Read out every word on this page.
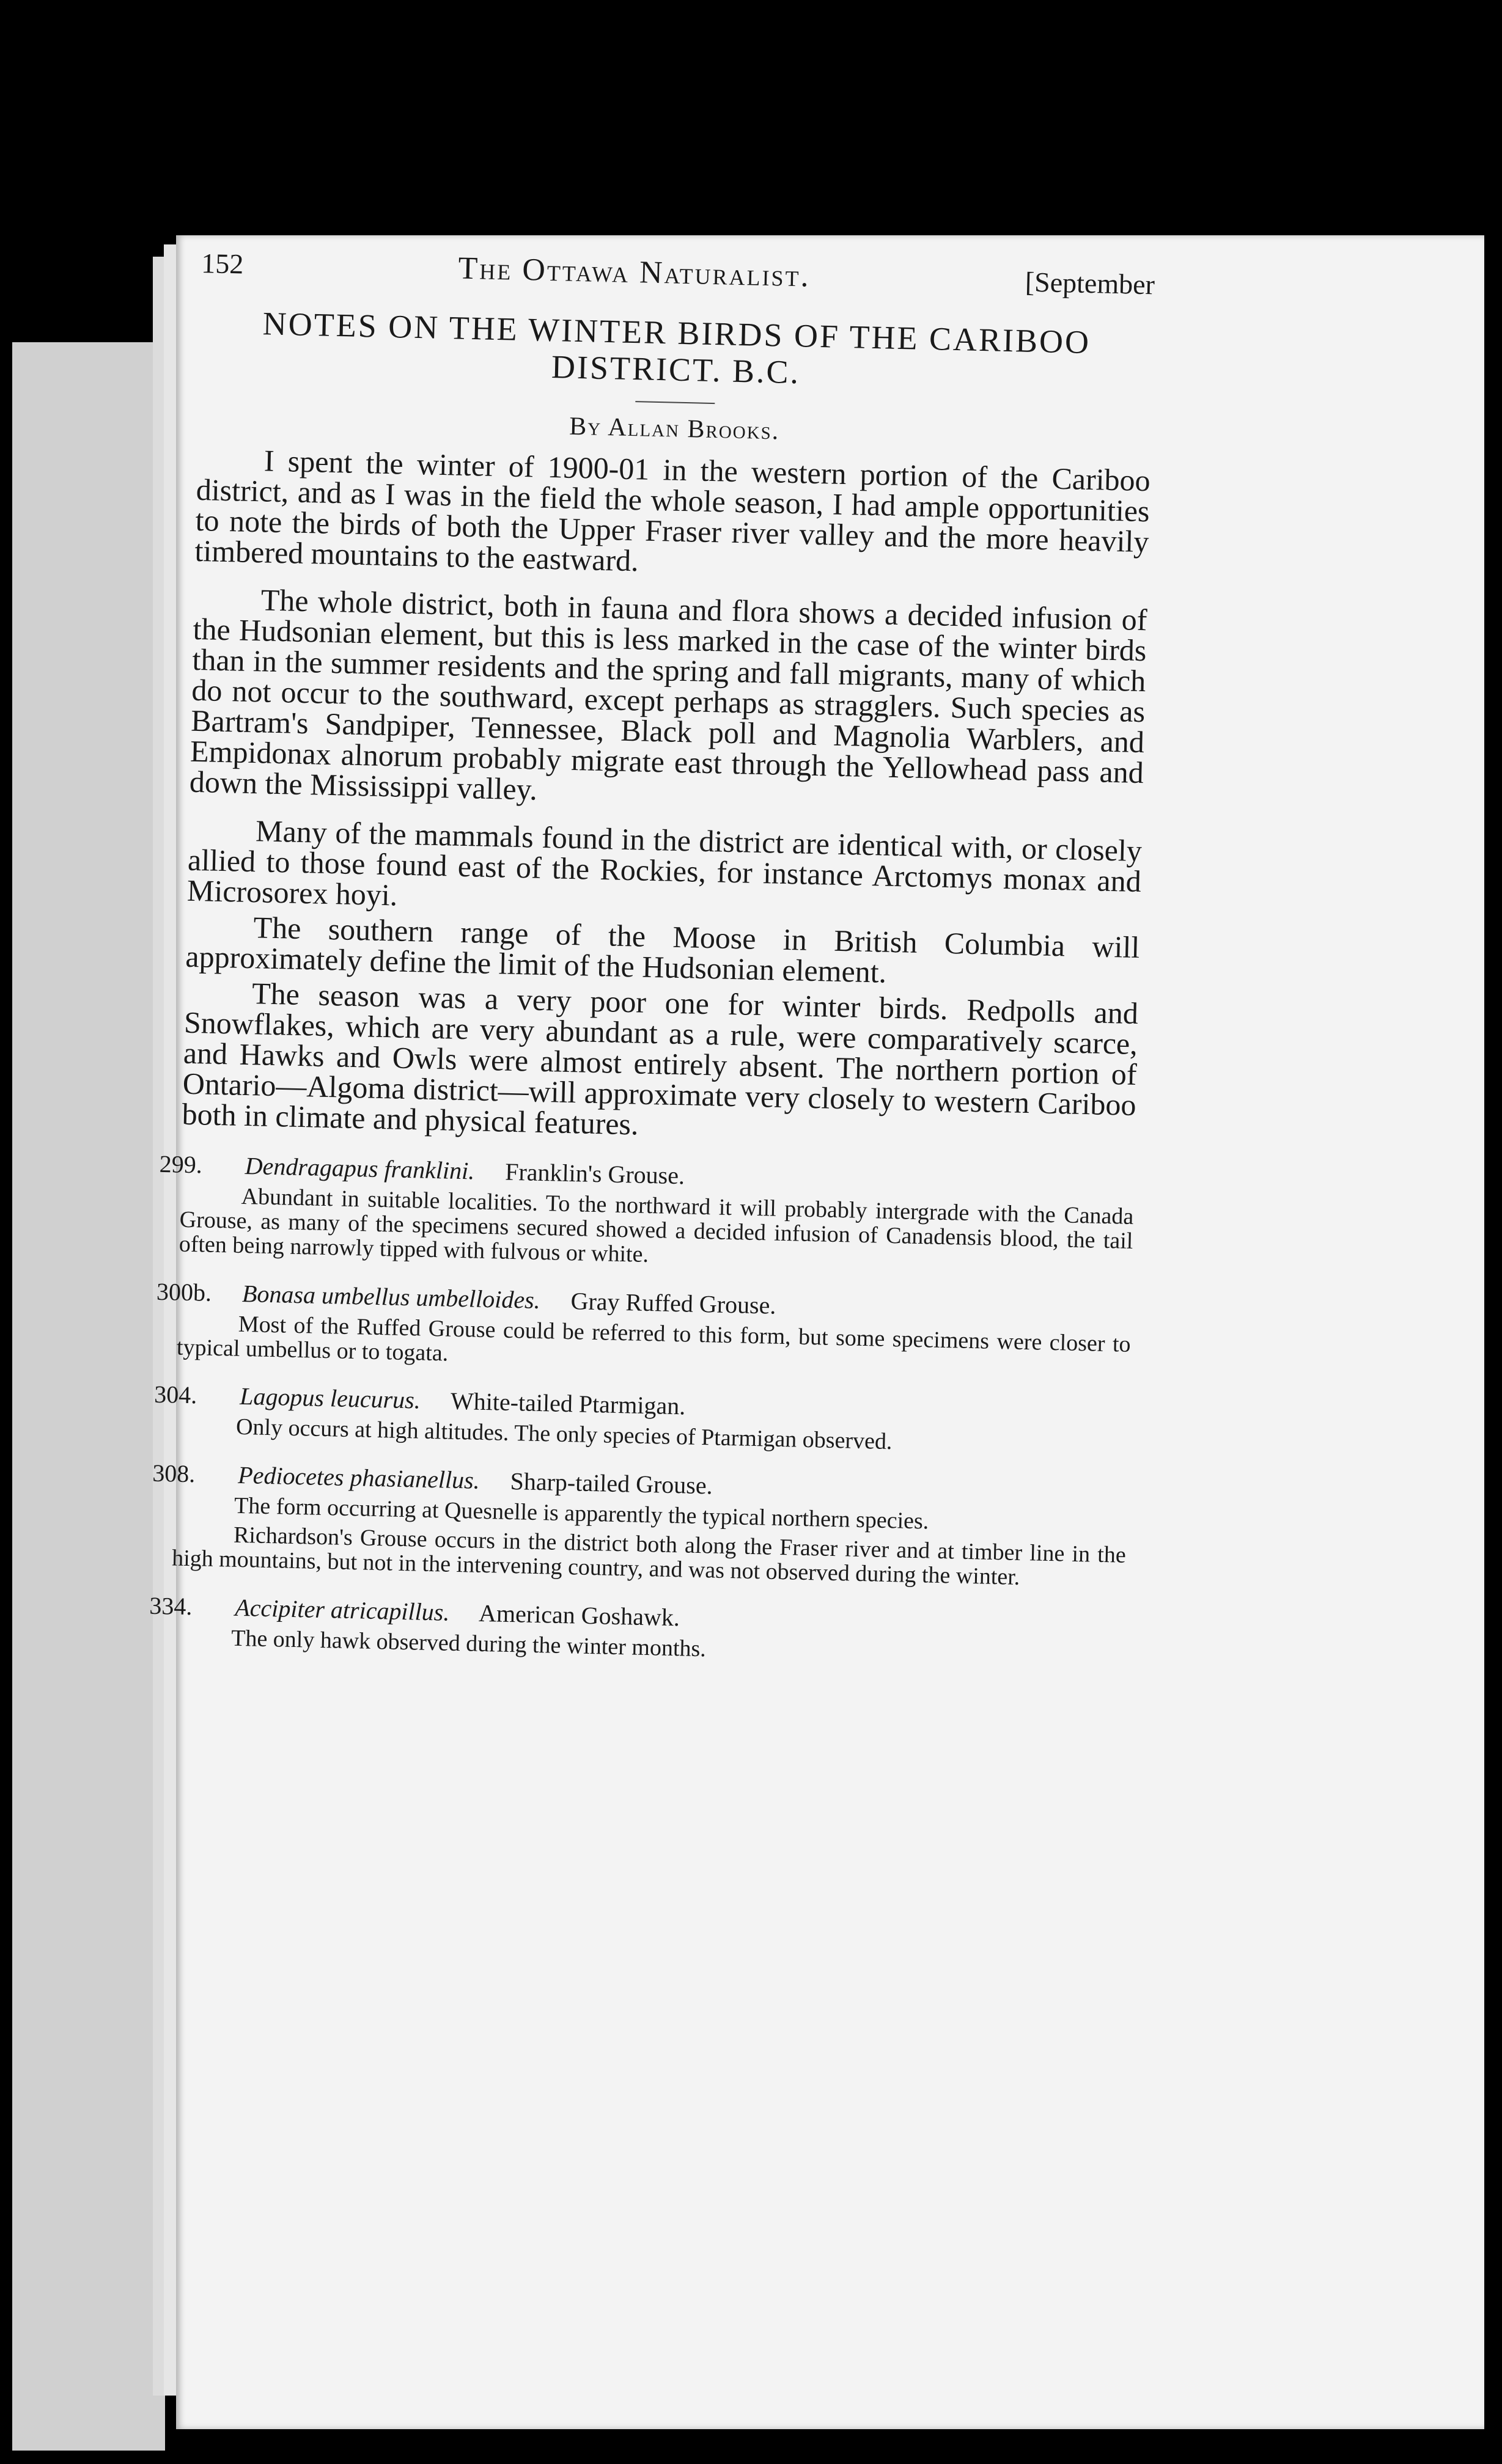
152	The Ottawa Naturalist.	[September
NOTES ON THE WINTER BIRDS OF THE CARIBOO DISTRICT. B.C.
By Allan Brooks.

I spent the winter of 1900-01 in the western portion of the Cariboo district, and as I was in the field the whole season, I had ample opportunities to note the birds of both the Upper Fraser river valley and the more heavily timbered mountains to the eastward.

The whole district, both in fauna and flora shows a decided infusion of the Hudsonian element, but this is less marked in the case of the winter birds than in the summer residents and the spring and fall migrants, many of which do not occur to the southward, except perhaps as stragglers. Such species as Bartram's Sandpiper, Tennessee, Black poll and Magnolia Warblers, and Empidonax alnorum probably migrate east through the Yellowhead pass and down the Mississippi valley.

Many of the mammals found in the district are identical with, or closely allied to those found east of the Rockies, for instance Arctomys monax and Microsorex hoyi.

The southern range of the Moose in British Columbia will approximately define the limit of the Hudsonian element.

The season was a very poor one for winter birds. Redpolls and Snowflakes, which are very abundant as a rule, were comparatively scarce, and Hawks and Owls were almost entirely absent. The northern portion of Ontario—Algoma district—will approximate very closely to western Cariboo both in climate and physical features.

299. Dendragapus franklini. Franklin's Grouse.

Abundant in suitable localities. To the northward it will probably intergrade with the Canada Grouse, as many of the specimens secured showed a decided infusion of Canadensis blood, the tail often being narrowly tipped with fulvous or white.

300b. Bonasa umbellus umbelloides. Gray Ruffed Grouse.

Most of the Ruffed Grouse could be referred to this form, but some specimens were closer to typical umbellus or to togata.

304. Lagopus leucurus. White-tailed Ptarmigan.

Only occurs at high altitudes. The only species of Ptarmigan observed.

308. Pediocetes phasianellus. Sharp-tailed Grouse.

The form occurring at Quesnelle is apparently the typical northern species.

Richardson's Grouse occurs in the district both along the Fraser river and at timber line in the high mountains, but not in the intervening country, and was not observed during the winter.

334. Accipiter atricapillus. American Goshawk.

The only hawk observed during the winter months.
